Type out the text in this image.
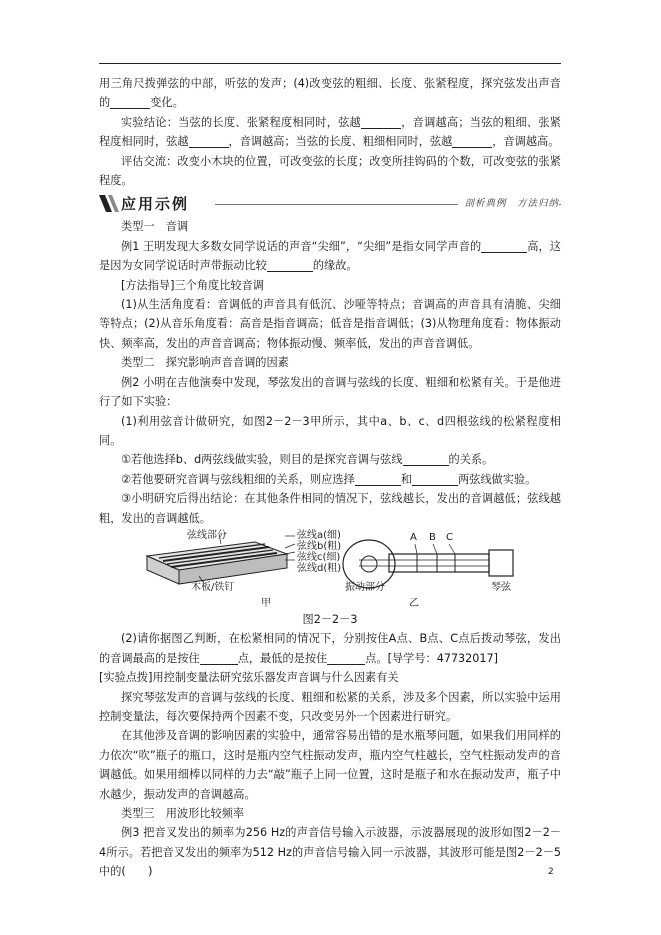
用三角尺拨弹弦的中部，听弦的发声；(4)改变弦的粗细、长度、张紧程度，探究弦发出声音的	变化。

实验结论：当弦的长度、张紧程度相同时，弦越	，音调越高；当弦的粗细、张紧程度相同时，弦越	，音调越高；当弦的长度、粗细相同时，弦越	，音调越高。

评估交流：改变小木块的位置，可改变弦的长度；改变所挂钩码的个数，可改变弦的张紧程度。

应用示例	剖析典例　方法归纳

类型一　音调

例1 王明发现大多数女同学说话的声音“尖细”，“尖细”是指女同学声音的	高，这是因为女同学说话时声带振动比较	的缘故。

[方法指导]三个角度比较音调

(1)从生活角度看：音调低的声音具有低沉、沙哑等特点；音调高的声音具有清脆、尖细等特点；(2)从音乐角度看：高音是指音调高；低音是指音调低；(3)从物理角度看：物体振动快、频率高，发出的声音音调高；物体振动慢、频率低，发出的声音音调低。

类型二　探究影响声音音调的因素

例2 小明在吉他演奏中发现，琴弦发出的音调与弦线的长度、粗细和松紧有关。于是他进行了如下实验：

(1)利用弦音计做研究，如图2－2－3甲所示，其中a、b、c、d四根弦线的松紧程度相同。

①若他选择b、d两弦线做实验，则目的是探究音调与弦线	的关系。

②若他要研究音调与弦线粗细的关系，则应选择	和	两弦线做实验。

③小明研究后得出结论：在其他条件相同的情况下，弦线越长，发出的音调越低；弦线越粗，发出的音调越低。

弦线部分	弦线a(细)
弦线b(粗)
弦线c(细)
弦线d(粗)
木板/铁钉
A B C
振动部分	琴弦
甲	乙

图2－2－3

(2)请你据图乙判断，在松紧相同的情况下，分别按住A点、B点、C点后拨动琴弦，发出的音调最高的是按住	点，最低的是按住	点。[导学号：47732017]

[实验点拨]用控制变量法研究弦乐器发声音调与什么因素有关

探究琴弦发声的音调与弦线的长度、粗细和松紧的关系，涉及多个因素，所以实验中运用控制变量法，每次要保持两个因素不变，只改变另外一个因素进行研究。

在其他涉及音调的影响因素的实验中，通常容易出错的是水瓶琴问题，如果我们用同样的力依次“吹”瓶子的瓶口，这时是瓶内空气柱振动发声，瓶内空气柱越长，空气柱振动发声的音调越低。如果用细棒以同样的力去“敲”瓶子上同一位置，这时是瓶子和水在振动发声，瓶子中水越少，振动发声的音调越高。

类型三　用波形比较频率

例3 把音叉发出的频率为256 Hz的声音信号输入示波器，示波器展现的波形如图2－2－4所示。若把音叉发出的频率为512 Hz的声音信号输入同一示波器，其波形可能是图2－2－5中的(　　)	2
